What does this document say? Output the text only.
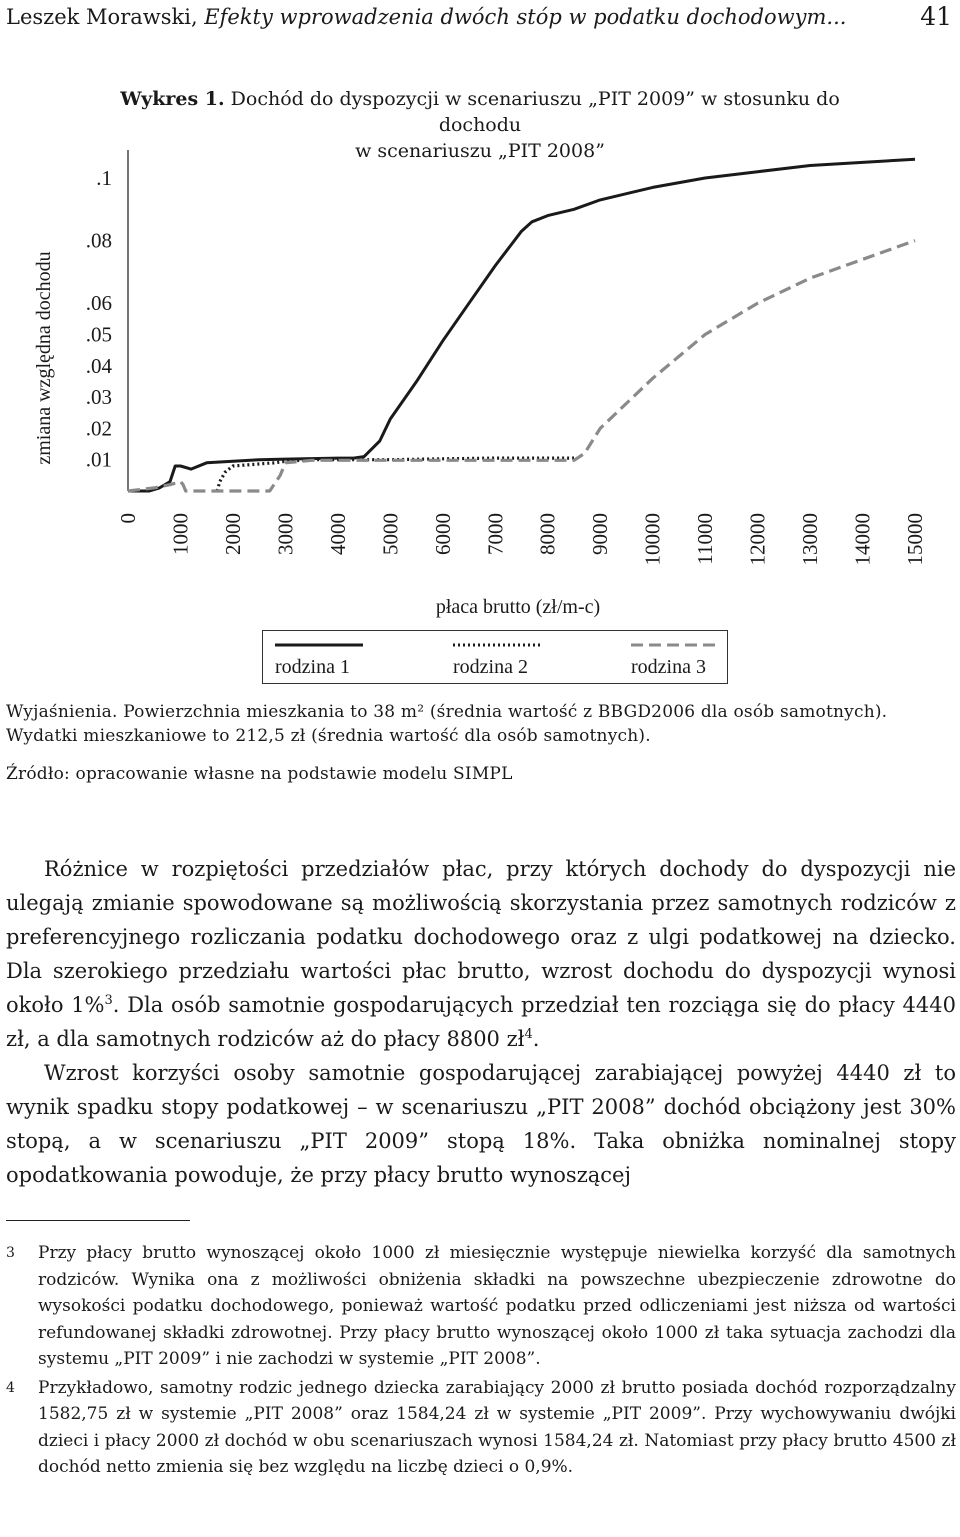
Leszek Morawski, Efekty wprowadzenia dwóch stóp w podatku dochodowym...	41
Wykres 1. Dochód do dyspozycji w scenariuszu „PIT 2009” w stosunku do dochodu
w scenariuszu „PIT 2008”
.01
.02
.03
.04
.05
.06
.08
.1
0 1000 2000 3000 4000 5000 6000 7000 8000 9000 10000 11000 12000 13000 14000 15000
zmiana względna dochodu
płaca brutto (zł/m-c)
rodzina 1	rodzina 2	rodzina 3

Wyjaśnienia. Powierzchnia mieszkania to 38 m² (średnia wartość z BBGD2006 dla osób samotnych).

Wydatki mieszkaniowe to 212,5 zł (średnia wartość dla osób samotnych).

Źródło: opracowanie własne na podstawie modelu SIMPL

Różnice w rozpiętości przedziałów płac, przy których dochody do dyspozycji nie ulegają zmianie spowodowane są możliwością skorzystania przez samotnych rodziców z preferencyjnego rozliczania podatku dochodowego oraz z ulgi podatkowej na dziecko. Dla szerokiego przedziału wartości płac brutto, wzrost dochodu do dyspozycji wynosi około 1%$^3$. Dla osób samotnie gospodarujących przedział ten rozciąga się do płacy 4440 zł, a dla samotnych rodziców aż do płacy 8800 $zł^4$.

Wzrost korzyści osoby samotnie gospodarującej zarabiającej powyżej 4440 zł to wynik spadku stopy podatkowej – w scenariuszu „PIT 2008” dochód obciążony jest 30% stopą, a w scenariuszu „PIT 2009” stopą 18%. Taka obniżka nominalnej stopy opodatkowania powoduje, że przy płacy brutto wynoszącej

3 Przy płacy brutto wynoszącej około 1000 zł miesięcznie występuje niewielka korzyść dla samotnych rodziców. Wynika ona z możliwości obniżenia składki na powszechne ubezpieczenie zdrowotne do wysokości podatku dochodowego, ponieważ wartość podatku przed odliczeniami jest niższa od wartości refundowanej składki zdrowotnej. Przy płacy brutto wynoszącej około 1000 zł taka sytuacja zachodzi dla systemu „PIT 2009” i nie zachodzi w systemie „PIT 2008”.
4 Przykładowo, samotny rodzic jednego dziecka zarabiający 2000 zł brutto posiada dochód rozporządzalny 1582,75 zł w systemie „PIT 2008” oraz 1584,24 zł w systemie „PIT 2009”. Przy wychowywaniu dwójki dzieci i płacy 2000 zł dochód w obu scenariuszach wynosi 1584,24 zł. Natomiast przy płacy brutto 4500 zł dochód netto zmienia się bez względu na liczbę dzieci o 0,9%.
